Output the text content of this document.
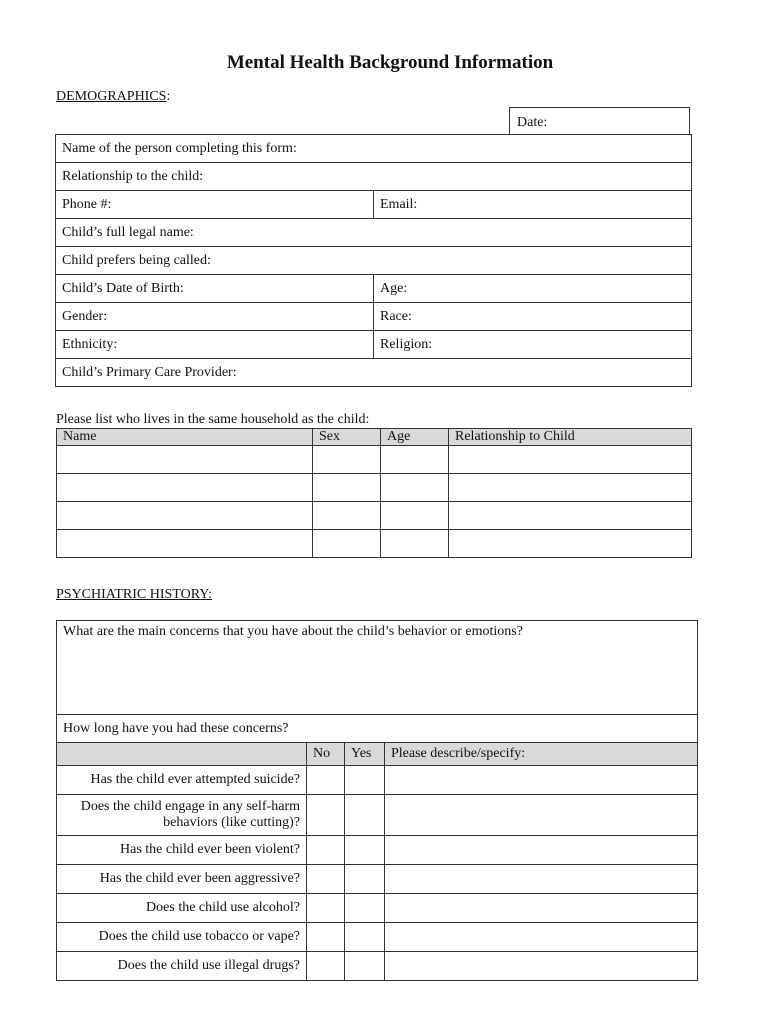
Mental Health Background Information
DEMOGRAPHICS:
Date:
Name of the person completing this form:	
Relationship to the child:	
Phone #:	Email:
Child’s full legal name:	
Child prefers being called:	
Child’s Date of Birth:	Age:
Gender:	Race:
Ethnicity:	Religion:
Child’s Primary Care Provider:	
Please list who lives in the same household as the child:
Name	Sex	Age	Relationship to Child

PSYCHIATRIC HISTORY:
What are the main concerns that you have about the child’s behavior or emotions?			
How long have you had these concerns?			
	No	Yes	Please describe/specify:
Has the child ever attempted suicide?			
Does the child engage in any self-harm behaviors (like cutting)?			
Has the child ever been violent?			
Has the child ever been aggressive?			
Does the child use alcohol?			
Does the child use tobacco or vape?			
Does the child use illegal drugs?			
